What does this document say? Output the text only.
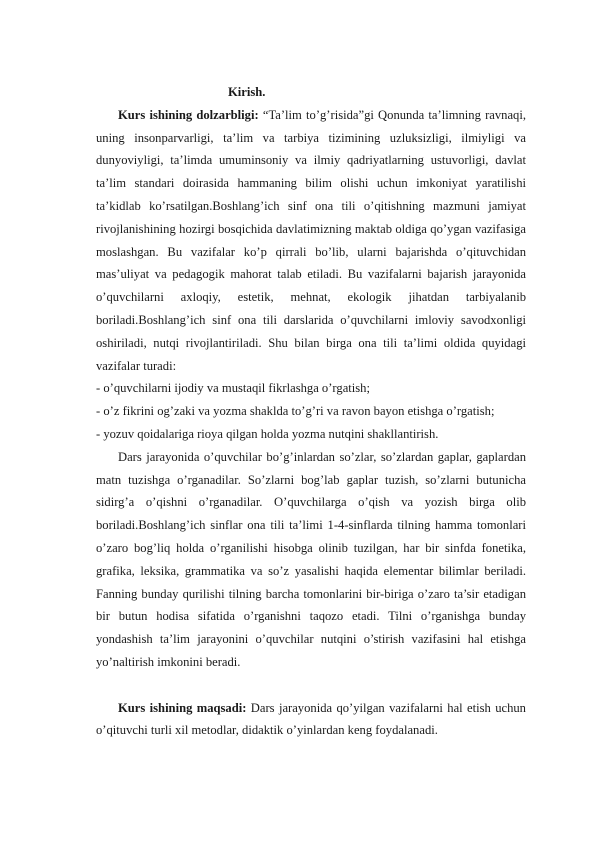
Kirish.

Kurs ishining dolzarbligi: “Ta’lim to’g’risida”gi Qonunda ta’limning ravnaqi, uning insonparvarligi, ta’lim va tarbiya tizimining uzluksizligi, ilmiyligi va dunyoviyligi, ta’limda umuminsoniy va ilmiy qadriyatlarning ustuvorligi, davlat ta’lim standari doirasida hammaning bilim olishi uchun imkoniyat yaratilishi ta’kidlab ko’rsatilgan.Boshlang’ich sinf ona tili o’qitishning mazmuni jamiyat rivojlanishining hozirgi bosqichida davlatimizning maktab oldiga qo’ygan vazifasiga moslashgan. Bu vazifalar ko’p qirrali bo’lib, ularni bajarishda o’qituvchidan mas’uliyat va pedagogik mahorat talab etiladi. Bu vazifalarni bajarish jarayonida o’quvchilarni axloqiy, estetik, mehnat, ekologik jihatdan tarbiyalanib boriladi.Boshlang’ich sinf ona tili darslarida o’quvchilarni imloviy savodxonligi oshiriladi, nutqi rivojlantiriladi. Shu bilan birga ona tili ta’limi oldida quyidagi vazifalar turadi:

- o’quvchilarni ijodiy va mustaqil fikrlashga o’rgatish;

- o’z fikrini og’zaki va yozma shaklda to’g’ri va ravon bayon etishga o’rgatish;

- yozuv qoidalariga rioya qilgan holda yozma nutqini shakllantirish.

Dars jarayonida o’quvchilar bo’g’inlardan so’zlar, so’zlardan gaplar, gaplardan matn tuzishga o’rganadilar. So’zlarni bog’lab gaplar tuzish, so’zlarni butunicha sidirg’a o’qishni o’rganadilar. O’quvchilarga o’qish va yozish birga olib boriladi.Boshlang’ich sinflar ona tili ta’limi 1-4-sinflarda tilning hamma tomonlari o’zaro bog’liq holda o’rganilishi hisobga olinib tuzilgan, har bir sinfda fonetika, grafika, leksika, grammatika va so’z yasalishi haqida elementar bilimlar beriladi. Fanning bunday qurilishi tilning barcha tomonlarini bir-biriga o’zaro ta’sir etadigan bir butun hodisa sifatida o’rganishni taqozo etadi. Tilni o’rganishga bunday yondashish ta’lim jarayonini o’quvchilar nutqini o’stirish vazifasini hal etishga yo’naltirish imkonini beradi.

Kurs ishining maqsadi: Dars jarayonida qo’yilgan vazifalarni hal etish uchun o’qituvchi turli xil metodlar, didaktik o’yinlardan keng foydalanadi.
